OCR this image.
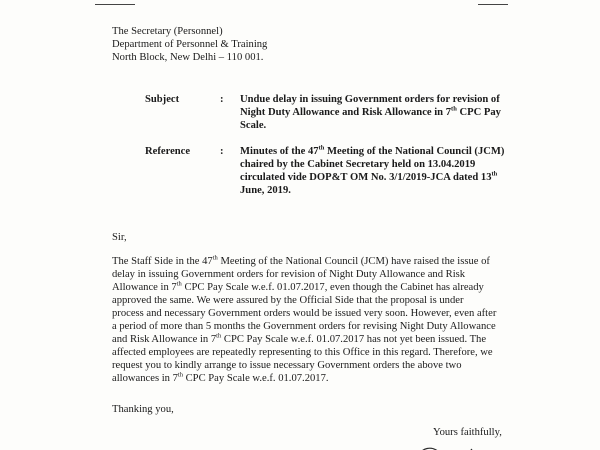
The Secretary (Personnel)
Department of Personnel & Training
North Block, New Delhi – 110 001.
Subject	: Undue delay in issuing Government orders for revision of
Night Duty Allowance and Risk Allowance in 7th CPC Pay
Scale.
Reference	: Minutes of the 47th Meeting of the National Council (JCM)
chaired by the Cabinet Secretary held on 13.04.2019
circulated vide DOP&T OM No. 3/1/2019-JCA dated 13th
June, 2019.
Sir,
The Staff Side in the 47th Meeting of the National Council (JCM) have raised the issue of
delay in issuing Government orders for revision of Night Duty Allowance and Risk
Allowance in 7th CPC Pay Scale w.e.f. 01.07.2017, even though the Cabinet has already
approved the same. We were assured by the Official Side that the proposal is under
process and necessary Government orders would be issued very soon. However, even after
a period of more than 5 months the Government orders for revising Night Duty Allowance
and Risk Allowance in 7th CPC Pay Scale w.e.f. 01.07.2017 has not yet been issued. The
affected employees are repeatedly representing to this Office in this regard. Therefore, we
request you to kindly arrange to issue necessary Government orders the above two
allowances in 7th CPC Pay Scale w.e.f. 01.07.2017.
Thanking you,
Yours faithfully,
